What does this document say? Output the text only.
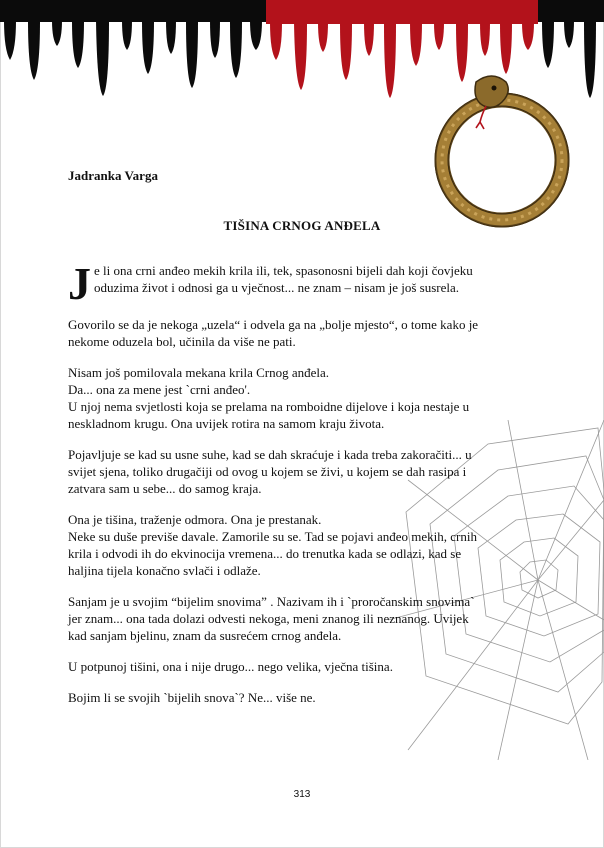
Jadranka Varga
TIŠINA CRNOG ANĐELA

J e li ona crni anđeo mekih krila ili, tek, spasonosni bijeli dah koji čovjeku
oduzima život i odnosi ga u vječnost... ne znam – nisam je još susrela.

Govorilo se da je nekoga „uzela“ i odvela ga na „bolje mjesto“, o tome kako je
nekome oduzela bol, učinila da više ne pati.

Nisam još pomilovala mekana krila Crnog anđela.
Da... ona za mene jest `crni anđeo'.
U njoj nema svjetlosti koja se prelama na romboidne dijelove i koja nestaje u
neskladnom krugu. Ona uvijek rotira na samom kraju života.

Pojavljuje se kad su usne suhe, kad se dah skraćuje i kada treba zakoračiti... u
svijet sjena, toliko drugačiji od ovog u kojem se živi, u kojem se dah rasipa i
zatvara sam u sebe... do samog kraja.

Ona je tišina, traženje odmora. Ona je prestanak.
Neke su duše previše davale. Zamorile su se. Tad se pojavi anđeo mekih, crnih
krila i odvodi ih do ekvinocija vremena... do trenutka kada se odlazi, kad se
haljina tijela konačno svlači i odlaže.

Sanjam je u svojim “bijelim snovima” . Nazivam ih i `proročanskim snovima`
jer znam... ona tada dolazi odvesti nekoga, meni znanog ili neznanog. Uvijek
kad sanjam bjelinu, znam da susrećem crnog anđela.

U potpunoj tišini, ona i nije drugo... nego velika, vječna tišina.

Bojim li se svojih `bijelih snova`? Ne... više ne.

313
